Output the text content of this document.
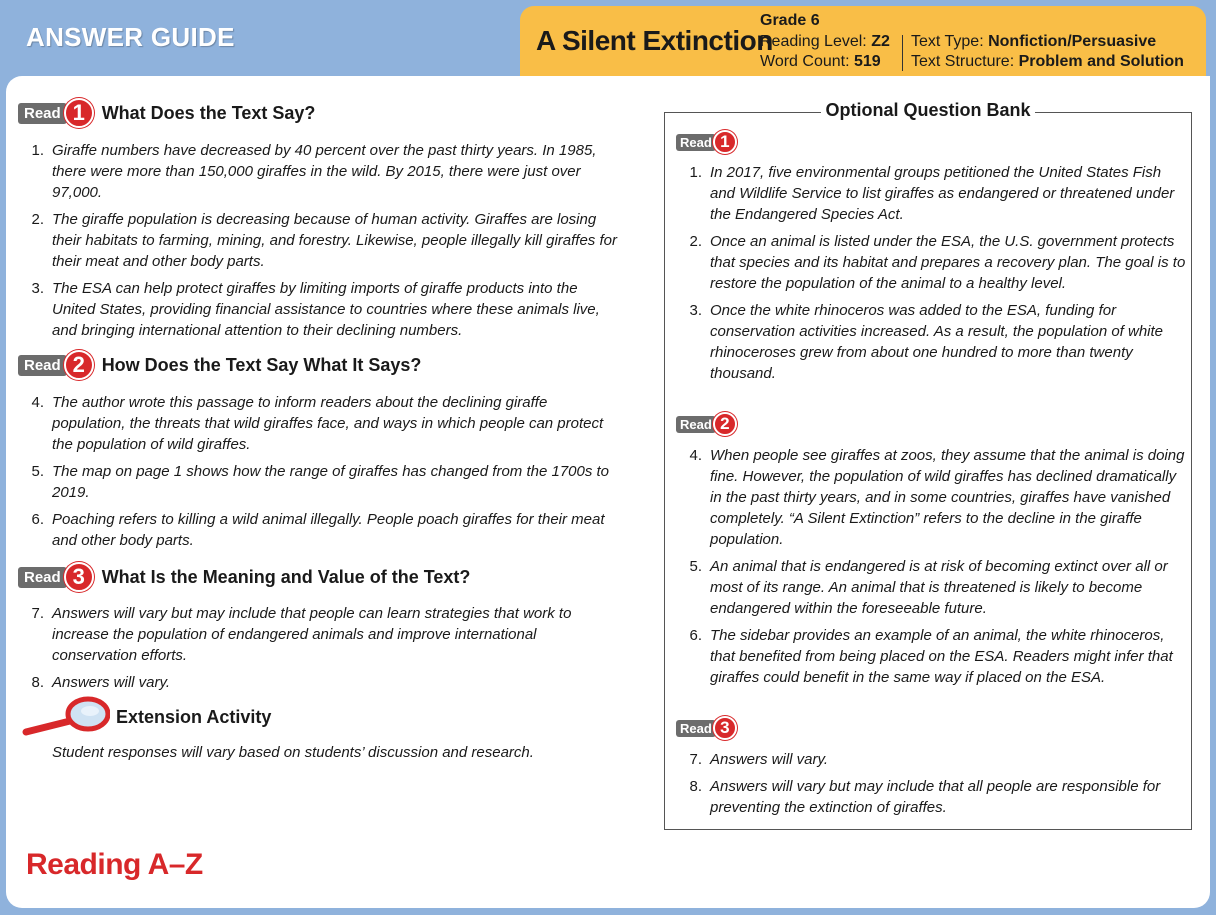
ANSWER GUIDE	A Silent Extinction
Grade 6
Reading Level: Z2
Word Count: 519
Text Type: Nonfiction/Persuasive
Text Structure: Problem and Solution
Read 1 What Does the Text Say?
1. Giraffe numbers have decreased by 40 percent over the past thirty years. In 1985, there were more than 150,000 giraffes in the wild. By 2015, there were just over 97,000.
2. The giraffe population is decreasing because of human activity. Giraffes are losing their habitats to farming, mining, and forestry. Likewise, people illegally kill giraffes for their meat and other body parts.
3. The ESA can help protect giraffes by limiting imports of giraffe products into the United States, providing financial assistance to countries where these animals live, and bringing international attention to their declining numbers.
Read 2 How Does the Text Say What It Says?
4. The author wrote this passage to inform readers about the declining giraffe population, the threats that wild giraffes face, and ways in which people can protect the population of wild giraffes.
5. The map on page 1 shows how the range of giraffes has changed from the 1700s to 2019.
6. Poaching refers to killing a wild animal illegally. People poach giraffes for their meat and other body parts.
Read 3 What Is the Meaning and Value of the Text?
7. Answers will vary but may include that people can learn strategies that work to increase the population of endangered animals and improve international conservation efforts.
8. Answers will vary.
Extension Activity
Student responses will vary based on students’ discussion and research.
Optional Question Bank
Read 1
1. In 2017, five environmental groups petitioned the United States Fish and Wildlife Service to list giraffes as endangered or threatened under the Endangered Species Act.
2. Once an animal is listed under the ESA, the U.S. government protects that species and its habitat and prepares a recovery plan. The goal is to restore the population of the animal to a healthy level.
3. Once the white rhinoceros was added to the ESA, funding for conservation activities increased. As a result, the population of white rhinoceroses grew from about one hundred to more than twenty thousand.
Read 2
4. When people see giraffes at zoos, they assume that the animal is doing fine. However, the population of wild giraffes has declined dramatically in the past thirty years, and in some countries, giraffes have vanished completely. “A Silent Extinction” refers to the decline in the giraffe population.
5. An animal that is endangered is at risk of becoming extinct over all or most of its range. An animal that is threatened is likely to become endangered within the foreseeable future.
6. The sidebar provides an example of an animal, the white rhinoceros, that benefited from being placed on the ESA. Readers might infer that giraffes could benefit in the same way if placed on the ESA.
Read 3
7. Answers will vary.
8. Answers will vary but may include that all people are responsible for preventing the extinction of giraffes.
Reading A–Z
